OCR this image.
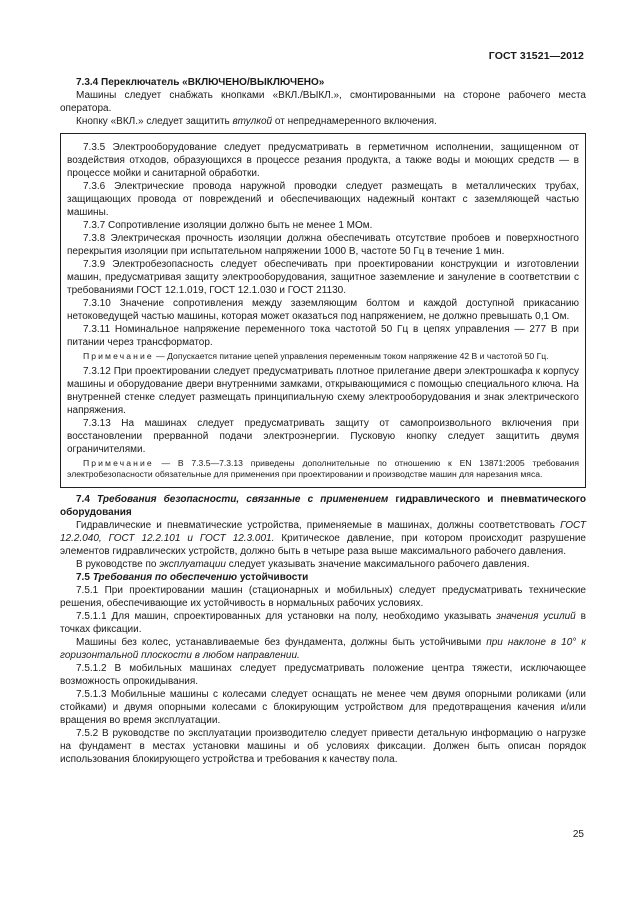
ГОСТ 31521—2012

7.3.4 Переключатель «ВКЛЮЧЕНО/ВЫКЛЮЧЕНО»

Машины следует снабжать кнопками «ВКЛ./ВЫКЛ.», смонтированными на стороне рабочего места оператора.

Кнопку «ВКЛ.» следует защитить втулкой от непреднамеренного включения.

7.3.5 Электрооборудование следует предусматривать в герметичном исполнении, защищенном от воздействия отходов, образующихся в процессе резания продукта, а также воды и моющих средств — в процессе мойки и санитарной обработки.

7.3.6 Электрические провода наружной проводки следует размещать в металлических трубах, защищающих провода от повреждений и обеспечивающих надежный контакт с заземляющей частью машины.

7.3.7 Сопротивление изоляции должно быть не менее 1 МОм.

7.3.8 Электрическая прочность изоляции должна обеспечивать отсутствие пробоев и поверхностного перекрытия изоляции при испытательном напряжении 1000 В, частоте 50 Гц в течение 1 мин.

7.3.9 Электробезопасность следует обеспечивать при проектировании конструкции и изготовлении машин, предусматривая защиту электрооборудования, защитное заземление и зануление в соответствии с требованиями ГОСТ 12.1.019, ГОСТ 12.1.030 и ГОСТ 21130.

7.3.10 Значение сопротивления между заземляющим болтом и каждой доступной прикасанию нетоковедущей частью машины, которая может оказаться под напряжением, не должно превышать 0,1 Ом.

7.3.11 Номинальное напряжение переменного тока частотой 50 Гц в цепях управления — 277 В при питании через трансформатор.

Примечание — Допускается питание цепей управления переменным током напряжение 42 В и частотой 50 Гц.

7.3.12 При проектировании следует предусматривать плотное прилегание двери электрошкафа к корпусу машины и оборудование двери внутренними замками, открывающимися с помощью специального ключа. На внутренней стенке следует размещать принципиальную схему электрооборудования и знак электрического напряжения.

7.3.13 На машинах следует предусматривать защиту от самопроизвольного включения при восстановлении прерванной подачи электроэнергии. Пусковую кнопку следует защитить двумя ограничителями.

Примечание — В 7.3.5—7.3.13 приведены дополнительные по отношению к EN 13871:2005 требования электробезопасности обязательные для применения при проектировании и производстве машин для нарезания мяса.

7.4 Требования безопасности, связанные с применением гидравлического и пневматического оборудования

Гидравлические и пневматические устройства, применяемые в машинах, должны соответствовать ГОСТ 12.2.040, ГОСТ 12.2.101 и ГОСТ 12.3.001. Критическое давление, при котором происходит разрушение элементов гидравлических устройств, должно быть в четыре раза выше максимального рабочего давления.

В руководстве по эксплуатации следует указывать значение максимального рабочего давления.

7.5 Требования по обеспечению устойчивости

7.5.1 При проектировании машин (стационарных и мобильных) следует предусматривать технические решения, обеспечивающие их устойчивость в нормальных рабочих условиях.

7.5.1.1 Для машин, спроектированных для установки на полу, необходимо указывать значения усилий в точках фиксации.

Машины без колес, устанавливаемые без фундамента, должны быть устойчивыми при наклоне в 10° к горизонтальной плоскости в любом направлении.

7.5.1.2 В мобильных машинах следует предусматривать положение центра тяжести, исключающее возможность опрокидывания.

7.5.1.3 Мобильные машины с колесами следует оснащать не менее чем двумя опорными роликами (или стойками) и двумя опорными колесами с блокирующим устройством для предотвращения качения и/или вращения во время эксплуатации.

7.5.2 В руководстве по эксплуатации производителю следует привести детальную информацию о нагрузке на фундамент в местах установки машины и об условиях фиксации. Должен быть описан порядок использования блокирующего устройства и требования к качеству пола.

25
